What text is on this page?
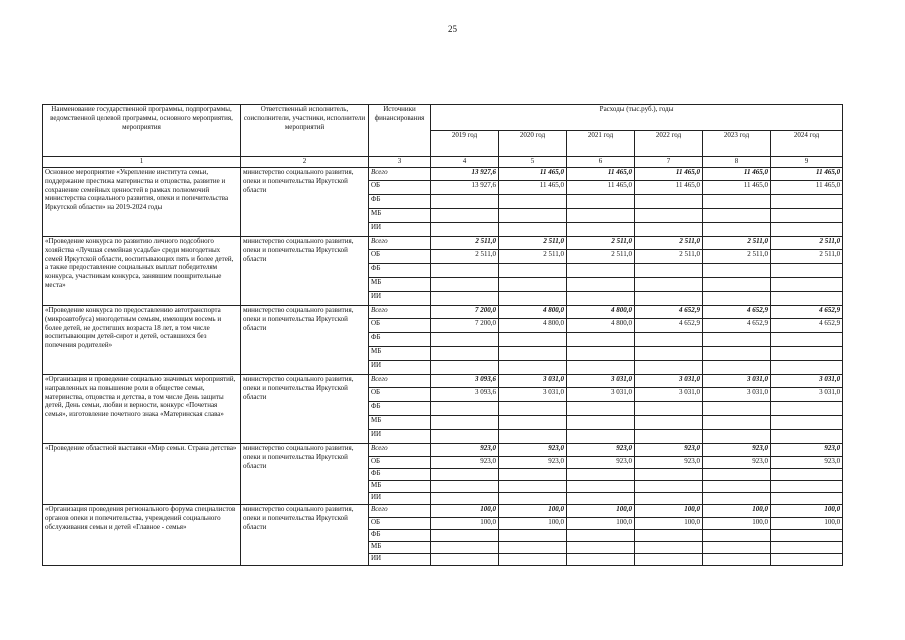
25
Наименование государственной программы, подпрограммы, ведомственной целевой программы, основного мероприятия, мероприятия	Ответственный исполнитель, соисполнители, участники, исполнители мероприятий	Источники финансирования	Расходы (тыс.руб.), годы					
			2019 год	2020 год	2021 год	2022 год	2023 год	2024 год
1	2	3	4	5	6	7	8	9
Основное мероприятие «Укрепление института семьи, поддержание престижа материнства и отцовства, развитие и сохранение семейных ценностей в рамках полномочий министерства социального развития, опеки и попечительства Иркутской области» на 2019-2024 годы	министерство социального развития, опеки и попечительства Иркутской области	Всего	13 927,6	11 465,0	11 465,0	11 465,0	11 465,0	11 465,0
		ОБ	13 927,6	11 465,0	11 465,0	11 465,0	11 465,0	11 465,0
		ФБ						
		МБ						
		ИИ						
«Проведение конкурса по развитию личного подсобного хозяйства «Лучшая семейная усадьба» среди многодетных семей Иркутской области, воспитывающих пять и более детей, а также предоставление социальных выплат победителям конкурса, участникам конкурса, занявшим поощрительные места»	министерство социального развития, опеки и попечительства Иркутской области	Всего	2 511,0	2 511,0	2 511,0	2 511,0	2 511,0	2 511,0
		ОБ	2 511,0	2 511,0	2 511,0	2 511,0	2 511,0	2 511,0
		ФБ						
		МБ						
		ИИ						
«Проведение конкурса по предоставлению автотранспорта (микроавтобуса) многодетным семьям, имеющим восемь и более детей, не достигших возраста 18 лет, в том числе воспитывающим детей-сирот и детей, оставшихся без попечения родителей»	министерство социального развития, опеки и попечительства Иркутской области	Всего	7 200,0	4 800,0	4 800,0	4 652,9	4 652,9	4 652,9
		ОБ	7 200,0	4 800,0	4 800,0	4 652,9	4 652,9	4 652,9
		ФБ						
		МБ						
		ИИ						
«Организация и проведение социально значимых мероприятий, направленных на повышение роли в обществе семьи, материнства, отцовства и детства, в том числе День защиты детей, День семьи, любви и верности, конкурс «Почетная семья», изготовление почетного знака «Материнская слава»	министерство социального развития, опеки и попечительства Иркутской области	Всего	3 093,6	3 031,0	3 031,0	3 031,0	3 031,0	3 031,0
		ОБ	3 093,6	3 031,0	3 031,0	3 031,0	3 031,0	3 031,0
		ФБ						
		МБ						
		ИИ						
«Проведение областной выставки «Мир семьи. Страна детства»	министерство социального развития, опеки и попечительства Иркутской области	Всего	923,0	923,0	923,0	923,0	923,0	923,0
		ОБ	923,0	923,0	923,0	923,0	923,0	923,0
		ФБ						
		МБ						
		ИИ						
«Организация проведения регионального форума специалистов органов опеки и попечительства, учреждений социального обслуживания семьи и детей «Главное - семья»	министерство социального развития, опеки и попечительства Иркутской области	Всего	100,0	100,0	100,0	100,0	100,0	100,0
		ОБ	100,0	100,0	100,0	100,0	100,0	100,0
		ФБ						
		МБ						
		ИИ						
